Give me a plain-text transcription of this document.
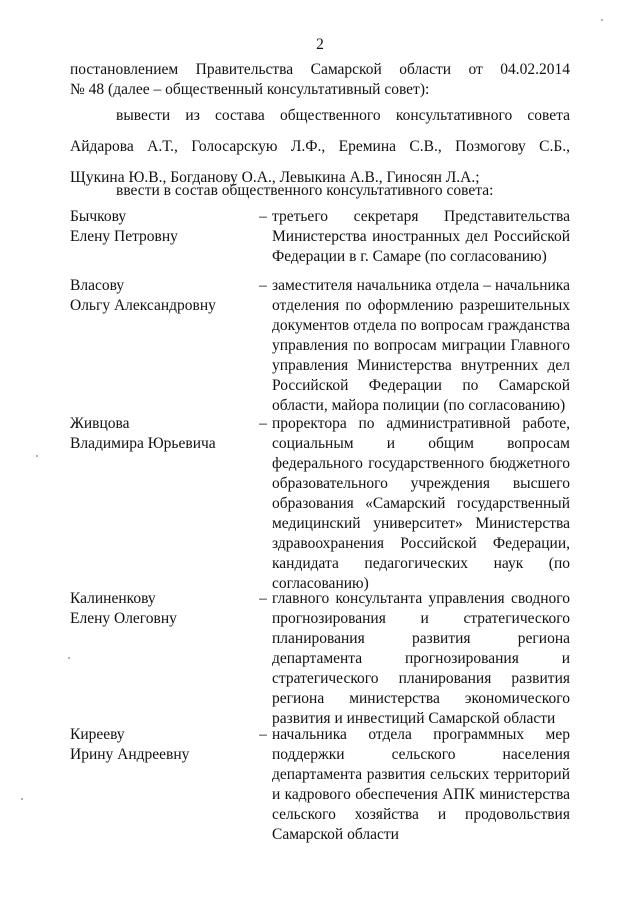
2
постановлением Правительства Самарской области от 04.02.2014
№ 48 (далее – общественный консультативный совет):
вывести из состава общественного консультативного совета
Айдарова А.Т., Голосарскую Л.Ф., Еремина С.В., Позмогову С.Б.,
Щукина Ю.В., Богданову О.А., Левыкина А.В., Гиносян Л.А.;
ввести в состав общественного консультативного совета:
Бычкову
Елену Петровну
– третьего секретаря Представительства
Министерства иностранных дел Российской
Федерации в г. Самаре (по согласованию)
Власову
Ольгу Александровну
– заместителя начальника отдела – начальника
отделения по оформлению разрешительных
документов отдела по вопросам гражданства
управления по вопросам миграции Главного
управления Министерства внутренних дел
Российской Федерации по Самарской
области, майора полиции (по согласованию)
Живцова
Владимира Юрьевича
– проректора по административной работе,
социальным и общим вопросам
федерального государственного бюджетного
образовательного учреждения высшего
образования «Самарский государственный
медицинский университет» Министерства
здравоохранения Российской Федерации,
кандидата педагогических наук (по
согласованию)
Калиненкову
Елену Олеговну
– главного консультанта управления сводного
прогнозирования и стратегического
планирования развития региона
департамента прогнозирования и
стратегического планирования развития
региона министерства экономического
развития и инвестиций Самарской области
Кирееву
Ирину Андреевну
– начальника отдела программных мер
поддержки сельского населения
департамента развития сельских территорий
и кадрового обеспечения АПК министерства
сельского хозяйства и продовольствия
Самарской области
